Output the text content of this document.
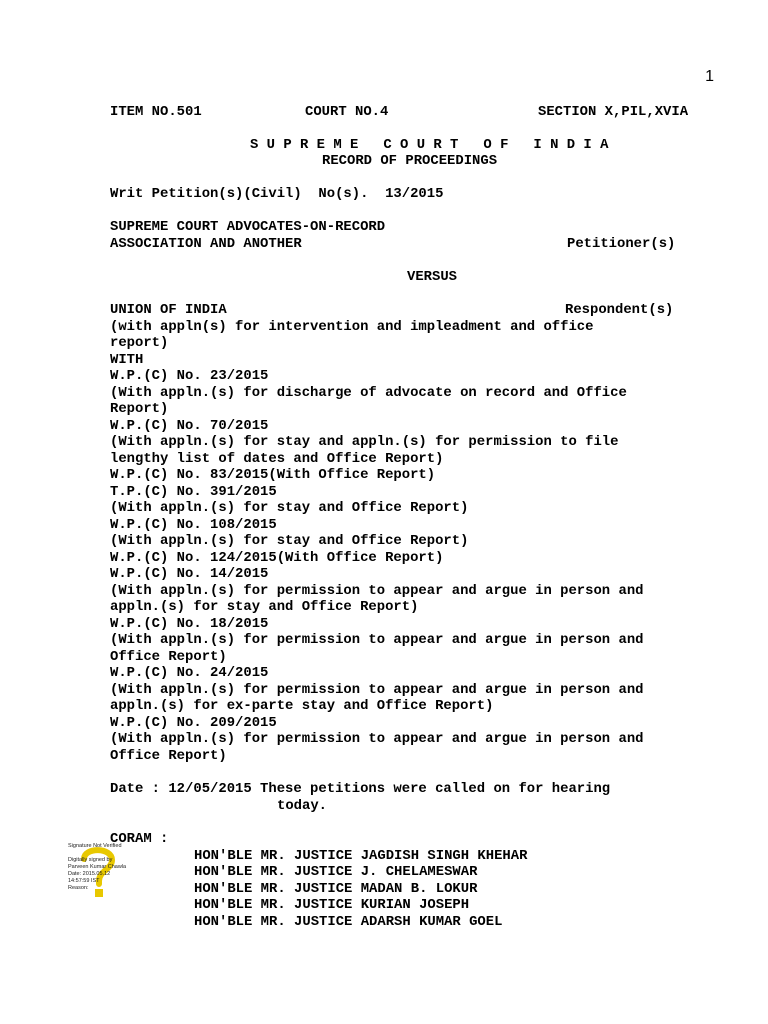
1
ITEM NO.501	COURT NO.4	SECTION X,PIL,XVIA
S U P R E M E   C O U R T   O F   I N D I A
RECORD OF PROCEEDINGS
Writ Petition(s)(Civil)  No(s).  13/2015
SUPREME COURT ADVOCATES-ON-RECORD
ASSOCIATION AND ANOTHER	Petitioner(s)
VERSUS
UNION OF INDIA	Respondent(s)
(with appln(s) for intervention and impleadment and office
report)
WITH
W.P.(C) No. 23/2015
(With appln.(s) for discharge of advocate on record and Office
Report)
W.P.(C) No. 70/2015
(With appln.(s) for stay and appln.(s) for permission to file
lengthy list of dates and Office Report)
W.P.(C) No. 83/2015(With Office Report)
T.P.(C) No. 391/2015
(With appln.(s) for stay and Office Report)
W.P.(C) No. 108/2015
(With appln.(s) for stay and Office Report)
W.P.(C) No. 124/2015(With Office Report)
W.P.(C) No. 14/2015
(With appln.(s) for permission to appear and argue in person and
appln.(s) for stay and Office Report)
W.P.(C) No. 18/2015
(With appln.(s) for permission to appear and argue in person and
Office Report)
W.P.(C) No. 24/2015
(With appln.(s) for permission to appear and argue in person and
appln.(s) for ex-parte stay and Office Report)
W.P.(C) No. 209/2015
(With appln.(s) for permission to appear and argue in person and
Office Report)
Date : 12/05/2015 These petitions were called on for hearing
today.
CORAM :
HON'BLE MR. JUSTICE JAGDISH SINGH KHEHAR
HON'BLE MR. JUSTICE J. CHELAMESWAR
HON'BLE MR. JUSTICE MADAN B. LOKUR
HON'BLE MR. JUSTICE KURIAN JOSEPH
HON'BLE MR. JUSTICE ADARSH KUMAR GOEL
Signature Not Verified
Digitally signed by
Parveen Kumar Chawla
Date: 2015.05.12
14:57:59 IST
Reason:
